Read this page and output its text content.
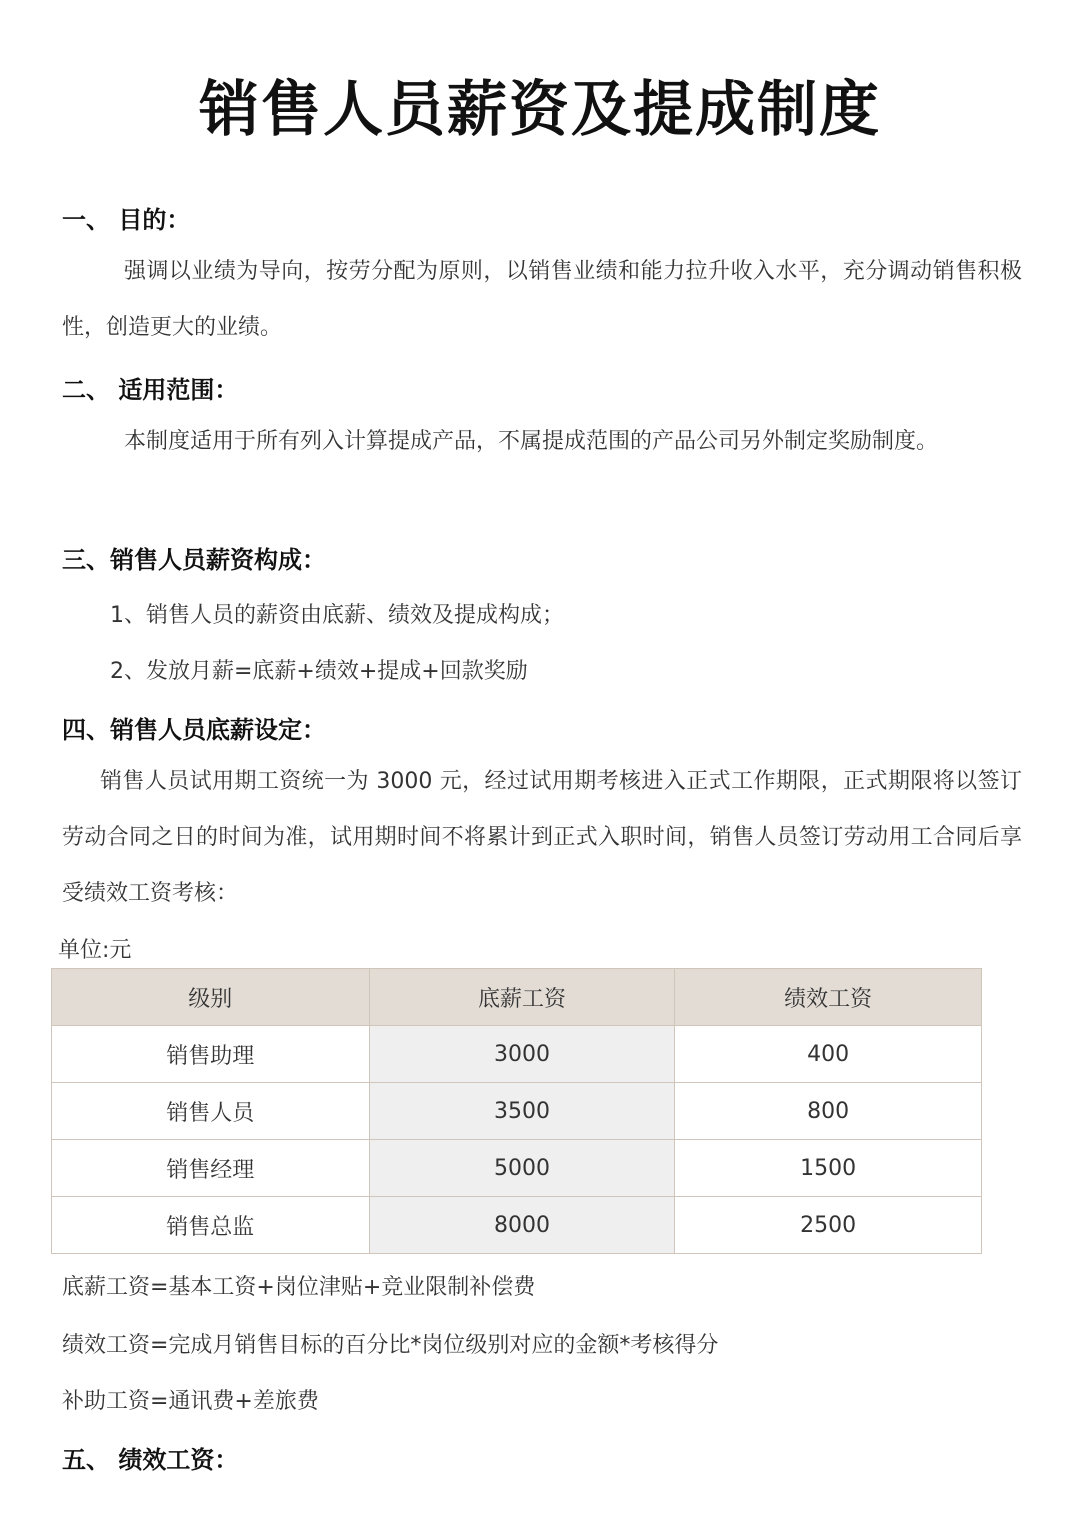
销售人员薪资及提成制度
一、 目的：
强调以业绩为导向，按劳分配为原则，以销售业绩和能力拉升收入水平，充分调动销售积极性，创造更大的业绩。
二、 适用范围：
本制度适用于所有列入计算提成产品，不属提成范围的产品公司另外制定奖励制度。
三、销售人员薪资构成：
1、销售人员的薪资由底薪、绩效及提成构成；
2、发放月薪=底薪+绩效+提成+回款奖励
四、销售人员底薪设定：
销售人员试用期工资统一为 3000 元，经过试用期考核进入正式工作期限，正式期限将以签订劳动合同之日的时间为准，试用期时间不将累计到正式入职时间，销售人员签订劳动用工合同后享受绩效工资考核：
单位:元
级别	底薪工资	绩效工资
销售助理	3000	400
销售人员	3500	800
销售经理	5000	1500
销售总监	8000	2500
底薪工资=基本工资+岗位津贴+竞业限制补偿费
绩效工资=完成月销售目标的百分比*岗位级别对应的金额*考核得分
补助工资=通讯费+差旅费
五、 绩效工资：
